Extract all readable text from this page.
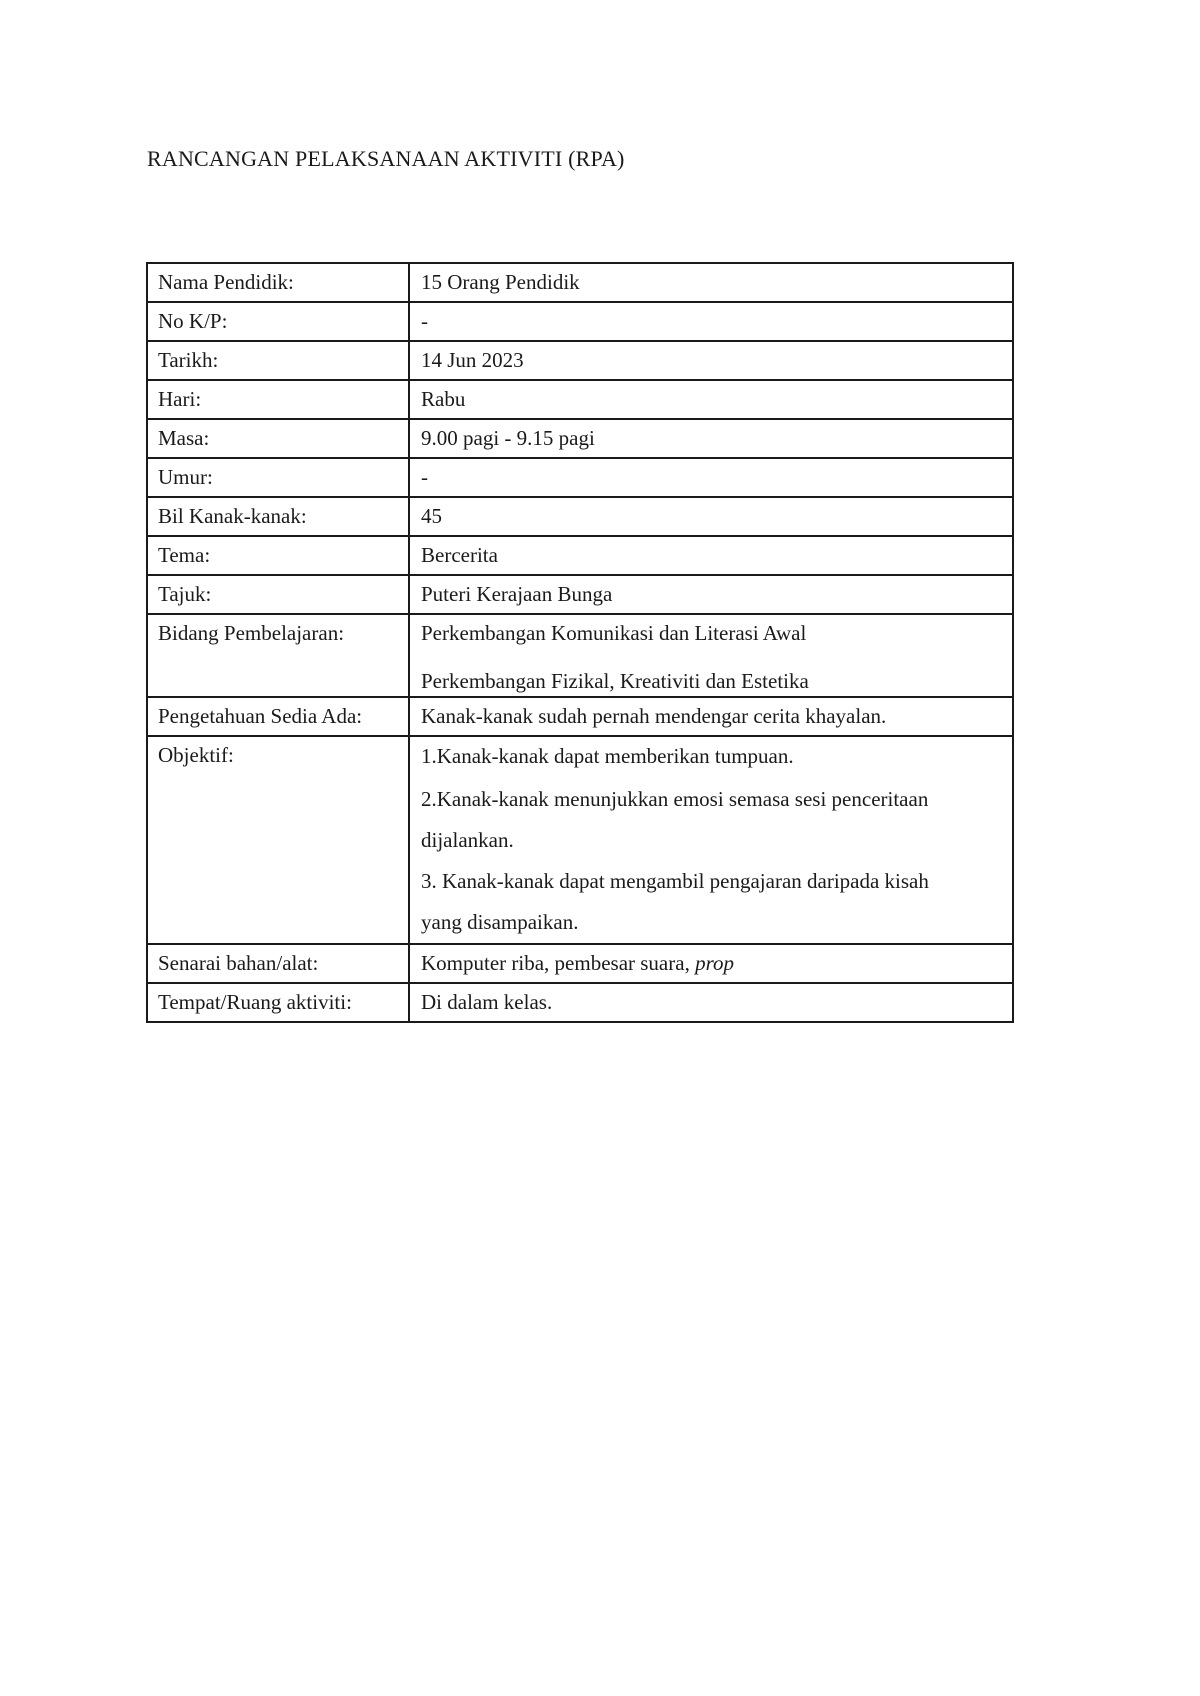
RANCANGAN PELAKSANAAN AKTIVITI (RPA)
Nama Pendidik:	15 Orang Pendidik
No K/P:	-
Tarikh:	14 Jun 2023
Hari:	Rabu
Masa:	9.00 pagi - 9.15 pagi
Umur:	-
Bil Kanak-kanak:	45
Tema:	Bercerita
Tajuk:	Puteri Kerajaan Bunga
Bidang Pembelajaran:	Perkembangan Komunikasi dan Literasi Awal

Perkembangan Fizikal, Kreativiti dan Estetika

Pengetahuan Sedia Ada:	Kanak-kanak sudah pernah mendengar cerita khayalan.
Objektif:	1.Kanak-kanak dapat memberikan tumpuan.

2.Kanak-kanak menunjukkan emosi semasa sesi penceritaan

dijalankan.

3. Kanak-kanak dapat mengambil pengajaran daripada kisah

yang disampaikan.

Senarai bahan/alat:	Komputer riba, pembesar suara, prop
Tempat/Ruang aktiviti:	Di dalam kelas.
